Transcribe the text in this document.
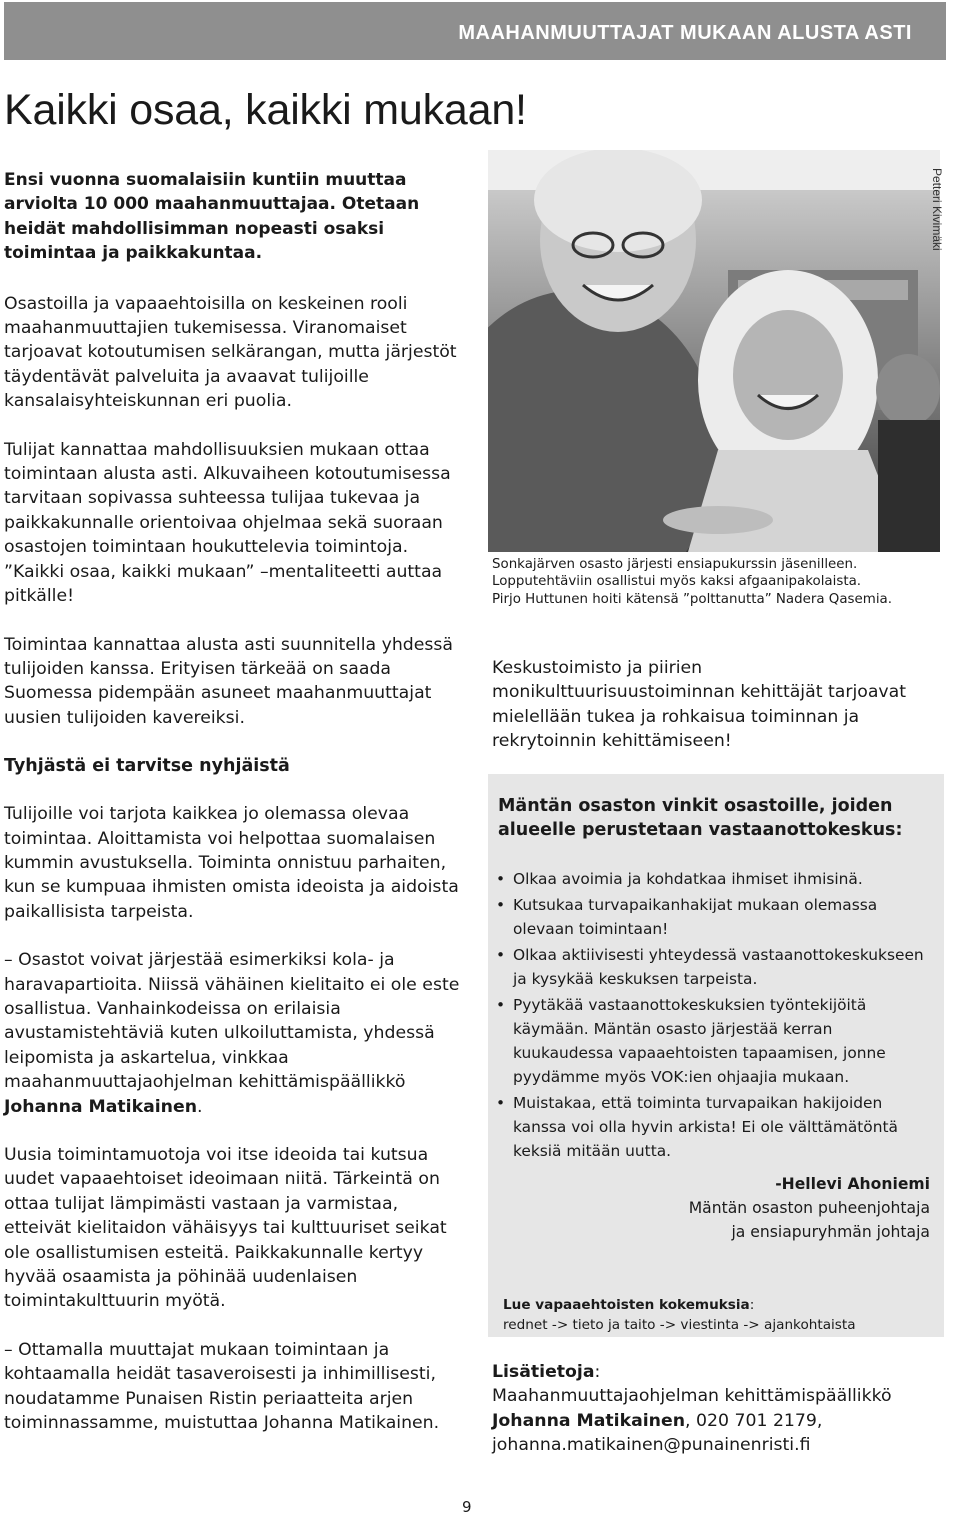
MAAHANMUUTTAJAT MUKAAN ALUSTA ASTI
Kaikki osaa, kaikki mukaan!

Ensi vuonna suomalaisiin kuntiin muuttaa arviolta 10 000 maahanmuuttajaa. Otetaan heidät mahdollisimman nopeasti osaksi toimintaa ja paikkakuntaa.

Osastoilla ja vapaaehtoisilla on keskeinen rooli maahanmuuttajien tukemisessa. Viranomaiset tarjoavat kotoutumisen selkärangan, mutta järjestöt täydentävät palveluita ja avaavat tulijoille kansalaisyhteiskunnan eri puolia.

Tulijat kannattaa mahdollisuuksien mukaan ottaa toimintaan alusta asti. Alkuvaiheen kotoutumisessa tarvitaan sopivassa suhteessa tulijaa tukevaa ja paikkakunnalle orientoivaa ohjelmaa sekä suoraan osastojen toimintaan houkuttelevia toimintoja. ”Kaikki osaa, kaikki mukaan” –mentaliteetti auttaa pitkälle!

Toimintaa kannattaa alusta asti suunnitella yhdessä tulijoiden kanssa. Erityisen tärkeää on saada Suomessa pidempään asuneet maahanmuuttajat uusien tulijoiden kavereiksi.

Tyhjästä ei tarvitse nyhjäistä

Tulijoille voi tarjota kaikkea jo olemassa olevaa toimintaa. Aloittamista voi helpottaa suomalaisen kummin avustuksella. Toiminta onnistuu parhaiten, kun se kumpuaa ihmisten omista ideoista ja aidoista paikallisista tarpeista.

– Osastot voivat järjestää esimerkiksi kola- ja haravapartioita. Niissä vähäinen kielitaito ei ole este osallistua. Vanhainkodeissa on erilaisia avustamistehtäviä kuten ulkoiluttamista, yhdessä leipomista ja askartelua, vinkkaa maahanmuuttajaohjelman kehittämispäällikkö Johanna Matikainen.

Uusia toimintamuotoja voi itse ideoida tai kutsua uudet vapaaehtoiset ideoimaan niitä. Tärkeintä on ottaa tulijat lämpimästi vastaan ja varmistaa, etteivät kielitaidon vähäisyys tai kulttuuriset seikat ole osallistumisen esteitä. Paikkakunnalle kertyy hyvää osaamista ja pöhinää uudenlaisen toimintakulttuurin myötä.

– Ottamalla muuttajat mukaan toimintaan ja kohtaamalla heidät tasaveroisesti ja inhimillisesti, noudatamme Punaisen Ristin periaatteita arjen toiminnassamme, muistuttaa Johanna Matikainen.

Petteri Kivimäki
Sonkajärven osasto järjesti ensiapukurssin jäsenilleen.
Lopputehtäviin osallistui myös kaksi afgaanipakolaista.
Pirjo Huttunen hoiti kätensä ”polttanutta” Nadera Qasemia.

Keskustoimisto ja piirien monikulttuurisuustoiminnan kehittäjät tarjoavat mielellään tukea ja rohkaisua toiminnan ja rekrytoinnin kehittämiseen!

Mäntän osaston vinkit osastoille, joiden alueelle perustetaan vastaanottokeskus:
• Olkaa avoimia ja kohdatkaa ihmiset ihmisinä.
• Kutsukaa turvapaikanhakijat mukaan olemassa olevaan toimintaan!
• Olkaa aktiivisesti yhteydessä vastaanottokeskukseen ja kysykää keskuksen tarpeista.
• Pyytäkää vastaanottokeskuksien työntekijöitä käymään. Mäntän osasto järjestää kerran kuukaudessa vapaaehtoisten tapaamisen, jonne pyydämme myös VOK:ien ohjaajia mukaan.
• Muistakaa, että toiminta turvapaikan hakijoiden kanssa voi olla hyvin arkista! Ei ole välttämätöntä keksiä mitään uutta.
-Hellevi Ahoniemi
Mäntän osaston puheenjohtaja
ja ensiapuryhmän johtaja
Lue vapaaehtoisten kokemuksia:
rednet -> tieto ja taito -> viestinta -> ajankohtaista
Lisätietoja:
Maahanmuuttajaohjelman kehittämispäällikkö
Johanna Matikainen, 020 701 2179,
johanna.matikainen@punainenristi.fi
9
